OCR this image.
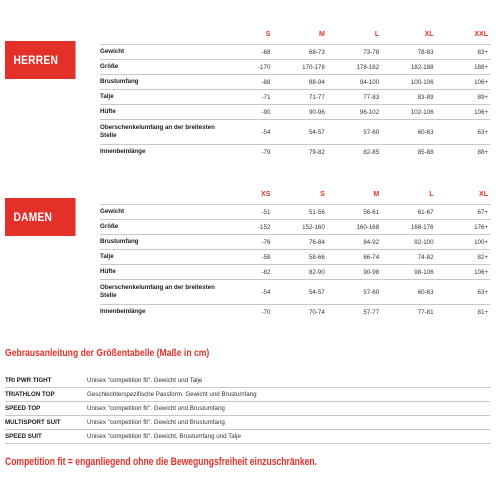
HERREN
	S	M	L	XL	XXL
Gewicht	-68	68-73	73-78	78-83	83+
Größe	-170	170-178	178-182	182-188	188+
Brustumfang	-88	88-94	94-100	100-106	106+
Talje	-71	71-77	77-83	83-89	89+
Hüfte	-90	90-96	96-102	102-106	106+
Oberschenkelumfang an der breitesten Stelle	-54	54-57	57-60	60-63	63+
Innenbeinlänge	-79	79-82	82-85	85-88	88+
DAMEN
	XS	S	M	L	XL
Gewicht	-51	51-56	56-61	61-67	67+
Größe	-152	152-160	160-168	168-176	176+
Brustumfang	-76	76-84	84-92	92-100	100+
Talje	-58	58-66	66-74	74-82	82+
Hüfte	-82	82-90	90-98	98-106	106+
Oberschenkelumfang an der breitesten Stelle	-54	54-57	57-60	60-63	63+
Innenbeinlänge	-70	70-74	57-77	77-81	81+
Gebrausanleitung der Größentabelle (Maße in cm)
TRI PWR TIGHT	Unisex "competition fit". Gewicht und Talje
TRIATHLON TOP	Geschlechterspezifische Passform. Gewicht und Brustumfang
SPEED TOP	Unisex "competition fit". Gewicht und Brustumfang
MULTISPORT SUIT	Unisex "competition fit". Gewicht und Brustumfang
SPEED SUIT	Unisex "competition fit". Gewicht, Brustumfang und Talje
Competition fit = enganliegend ohne die Bewegungsfreiheit einzuschränken.
